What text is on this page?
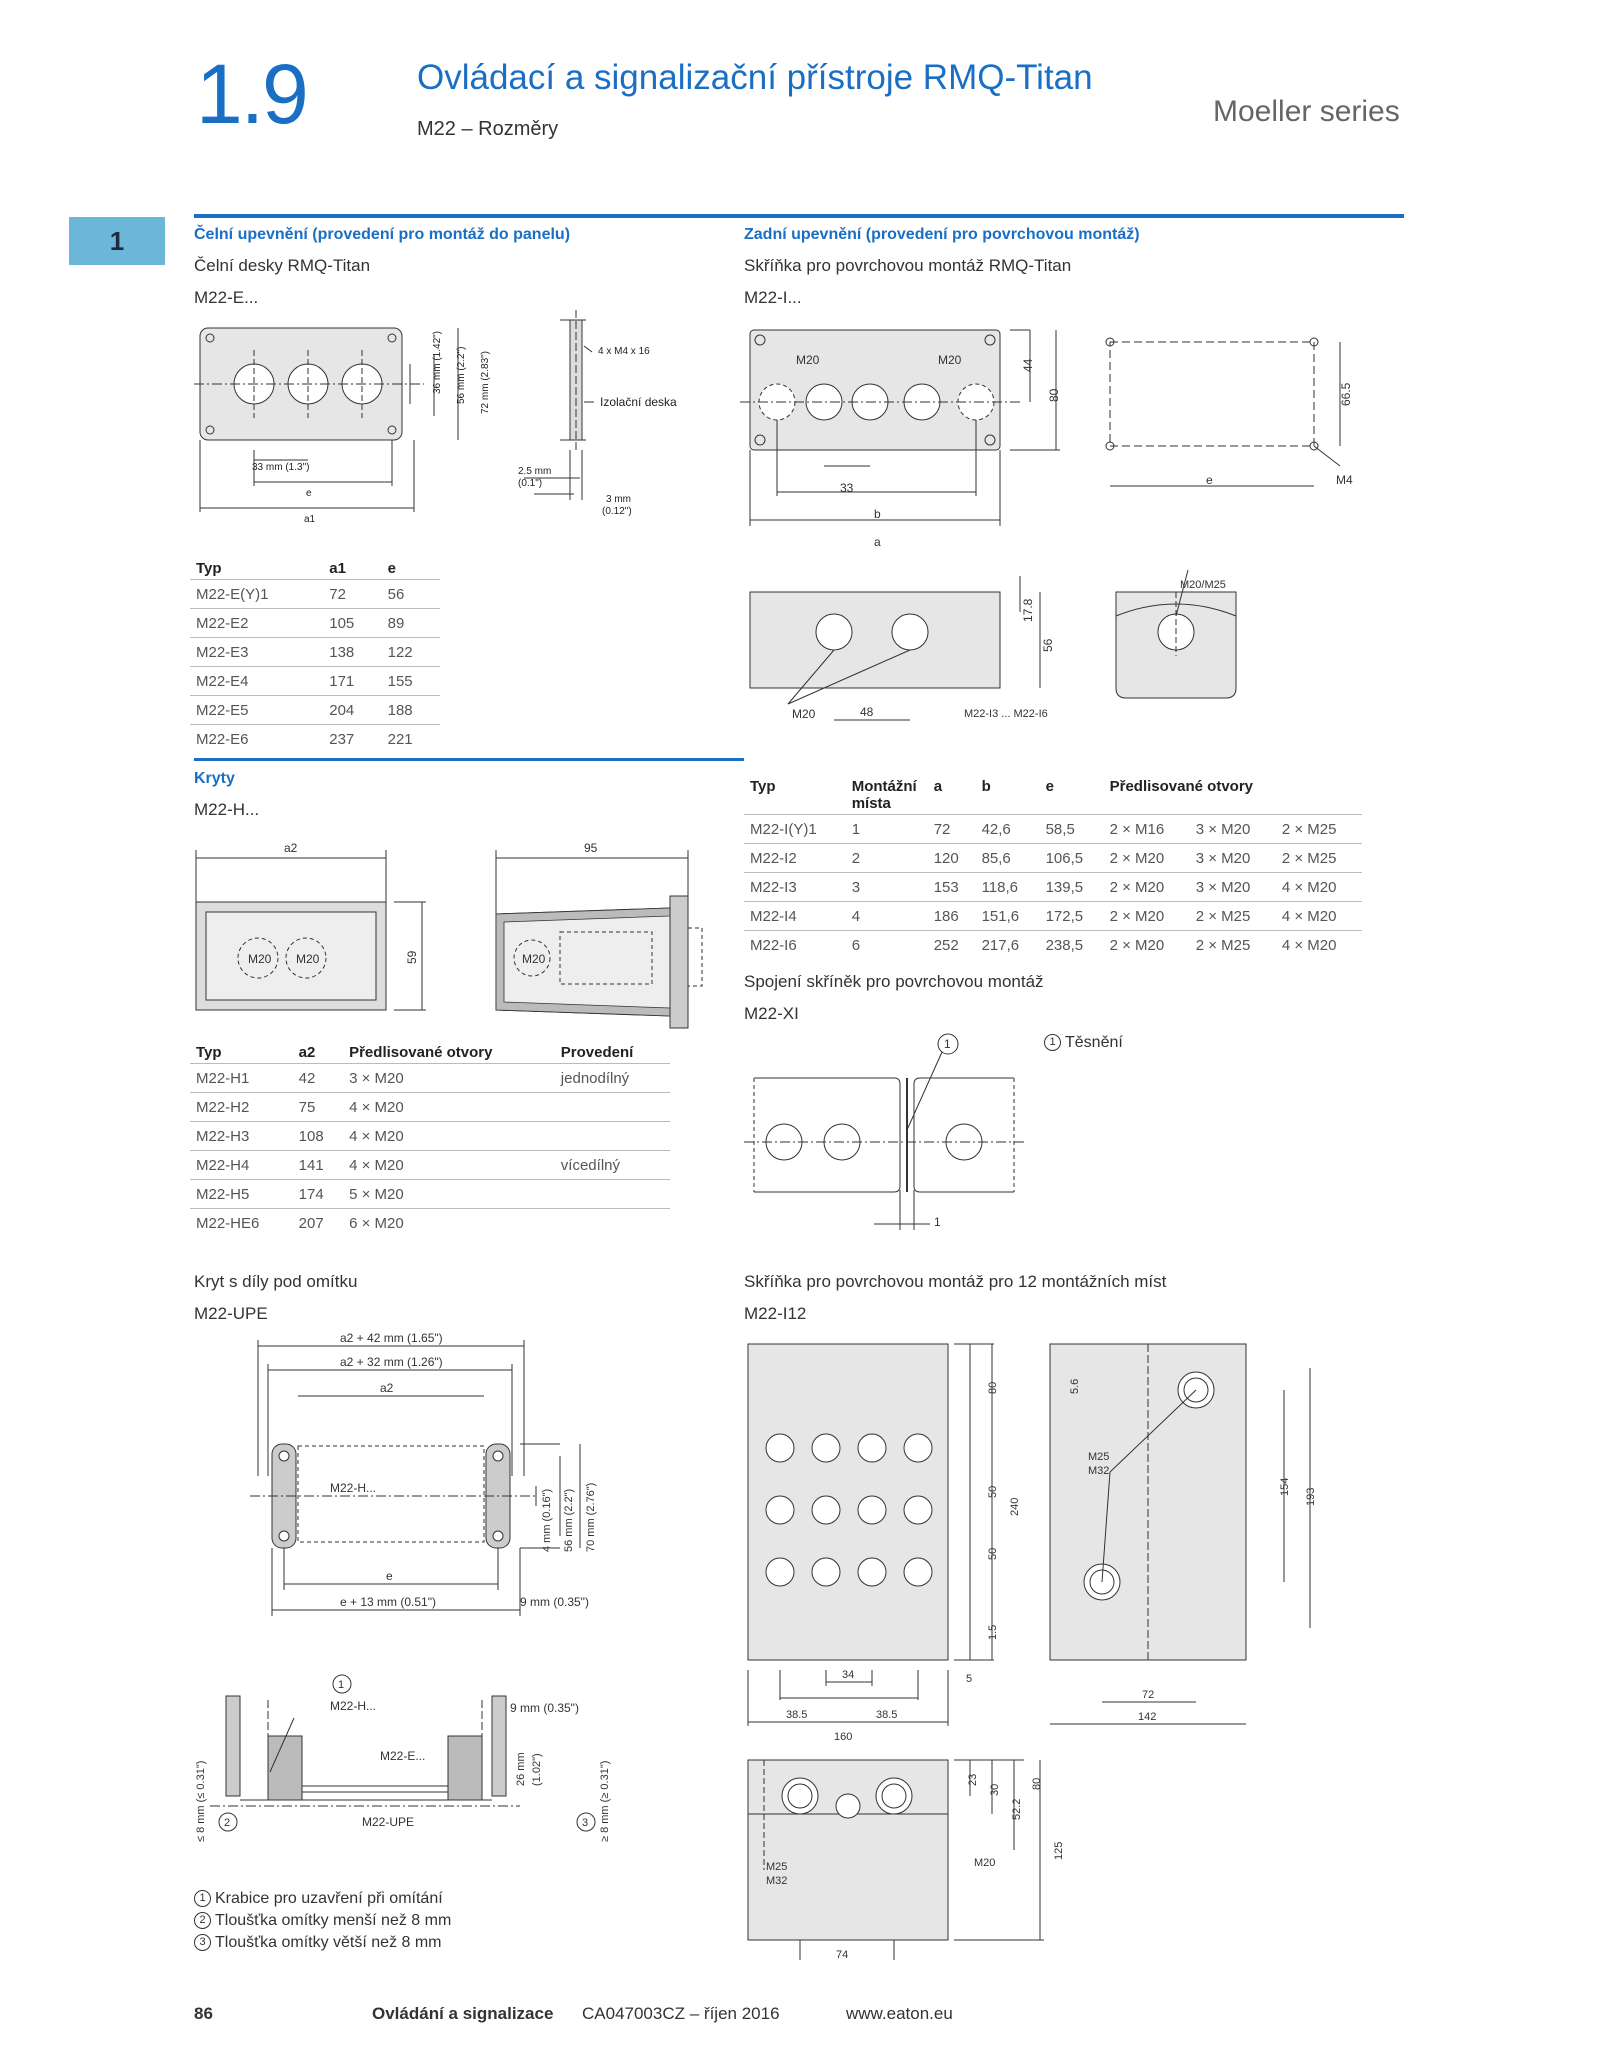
1.9	Ovládací a signalizační přístroje RMQ-Titan
M22 – Rozměry
Moeller series
1	Čelní upevnění (provedení pro montáž do panelu)
Čelní desky RMQ-Titan
M22-E...
36 mm (1.42") 56 mm (2.2") 72 mm (2.83")	4 x M4 x 16
Izolační deska
33 mm (1.3")
e
a1
2.5 mm
(0.1")
3 mm
(0.12")
Typ	a1	e
M22-E(Y)1	72	56
M22-E2	105	89
M22-E3	138	122
M22-E4	171	155
M22-E5	204	188
M22-E6	237	221
Zadní upevnění (provedení pro povrchovou montáž)
Skříňka pro povrchovou montáž RMQ-Titan
M22-I...
M20	M20	44
80
33
b
a
66.5
e	M4
17.8
56
M20	48	M22-I3 ... M22-I6
M20/M25
Typ	Montážní místa	a	b	e	Předlisované otvory		
M22-I(Y)1	1	72	42,6	58,5	2 × M16	3 × M20	2 × M25
M22-I2	2	120	85,6	106,5	2 × M20	3 × M20	2 × M25
M22-I3	3	153	118,6	139,5	2 × M20	3 × M20	4 × M20
M22-I4	4	186	151,6	172,5	2 × M20	2 × M25	4 × M20
M22-I6	6	252	217,6	238,5	2 × M20	2 × M25	4 × M20
Spojení skříněk pro povrchovou montáž
M22-XI
1 Těsnění
1
1
Kryty
M22-H...
a2	95
59
M20 M20	M20
Typ	a2	Předlisované otvory	Provedení
M22-H1	42	3 × M20	jednodílný
M22-H2	75	4 × M20	
M22-H3	108	4 × M20	
M22-H4	141	4 × M20	vícedílný
M22-H5	174	5 × M20	
M22-HE6	207	6 × M20	
Kryt s díly pod omítku
M22-UPE
a2 + 42 mm (1.65")
a2 + 32 mm (1.26")
a2
M22-H...
4 mm (0.16") 56 mm (2.2") 70 mm (2.76")
e
e + 13 mm (0.51")	9 mm (0.35")
1
M22-H...	9 mm (0.35")
M22-E...	26 mm (1.02")
≤ 8 mm (≤ 0.31")	≥ 8 mm (≥ 0.31")
2	3
M22-UPE
1 Krabice pro uzavření při omítání
2 Tloušťka omítky menší než 8 mm
3 Tloušťka omítky větší než 8 mm
Skříňka pro povrchovou montáž pro 12 montážních míst
M22-I12
80
50
50
1.5
240
34
38.5	38.5
5
160
5.6
M25
M32
154
193
72
142
23
30
52.2
80
125
M25
M32
M20
74
86	Ovládání a signalizace CA047003CZ – říjen 2016	www.eaton.eu
